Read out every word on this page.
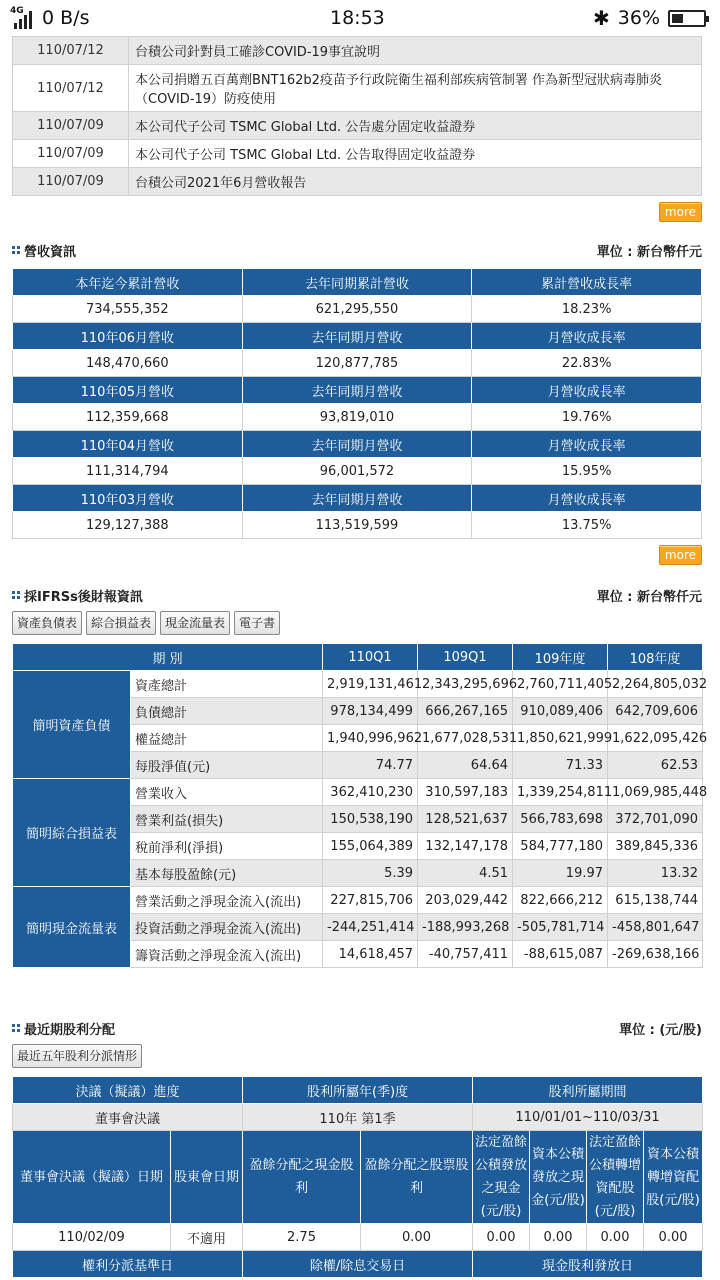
4G 0 B/s	18:53	✱ 36%
110/07/12	台積公司針對員工確診COVID-19事宜說明
110/07/12	本公司捐贈五百萬劑BNT162b2疫苗予行政院衛生福利部疾病管制署 作為新型冠狀病毒肺炎（COVID-19）防疫使用
110/07/09	本公司代子公司 TSMC Global Ltd. 公告處分固定收益證券
110/07/09	本公司代子公司 TSMC Global Ltd. 公告取得固定收益證券
110/07/09	台積公司2021年6月營收報告
more
營收資訊	單位 : 新台幣仟元
本年迄今累計營收	去年同期累計營收	累計營收成長率
734,555,352	621,295,550	18.23%
110年06月營收	去年同期月營收	月營收成長率
148,470,660	120,877,785	22.83%
110年05月營收	去年同期月營收	月營收成長率
112,359,668	93,819,010	19.76%
110年04月營收	去年同期月營收	月營收成長率
111,314,794	96,001,572	15.95%
110年03月營收	去年同期月營收	月營收成長率
129,127,388	113,519,599	13.75%
more
採IFRSs後財報資訊	單位 : 新台幣仟元
資產負債表	綜合損益表	現金流量表	電子書
期 別		110Q1	109Q1	109年度	108年度
簡明資產負債	資產總計	2,919,131,461	2,343,295,696	2,760,711,405	2,264,805,032
	負債總計	978,134,499	666,267,165	910,089,406	642,709,606
	權益總計	1,940,996,962	1,677,028,531	1,850,621,999	1,622,095,426
	每股淨值(元)	74.77	64.64	71.33	62.53
簡明綜合損益表	營業收入	362,410,230	310,597,183	1,339,254,811	1,069,985,448
	營業利益(損失)	150,538,190	128,521,637	566,783,698	372,701,090
	稅前淨利(淨損)	155,064,389	132,147,178	584,777,180	389,845,336
	基本每股盈餘(元)	5.39	4.51	19.97	13.32
簡明現金流量表	營業活動之淨現金流入(流出)	227,815,706	203,029,442	822,666,212	615,138,744
	投資活動之淨現金流入(流出)	-244,251,414	-188,993,268	-505,781,714	-458,801,647
	籌資活動之淨現金流入(流出)	14,618,457	-40,757,411	-88,615,087	-269,638,166
最近期股利分配	單位 : (元/股)
最近五年股利分派情形
決議（擬議）進度		股利所屬年(季)度		股利所屬期間			
董事會決議		110年 第1季		110/01/01~110/03/31			
董事會決議（擬議）日期	股東會日期	盈餘分配之現金股利	盈餘分配之股票股利	法定盈餘公積發放之現金(元/股)	資本公積發放之現金(元/股)	法定盈餘公積轉增資配股(元/股)	資本公積轉增資配股(元/股)
110/02/09	不適用	2.75	0.00	0.00	0.00	0.00	0.00
權利分派基準日		除權/除息交易日		現金股利發放日			
